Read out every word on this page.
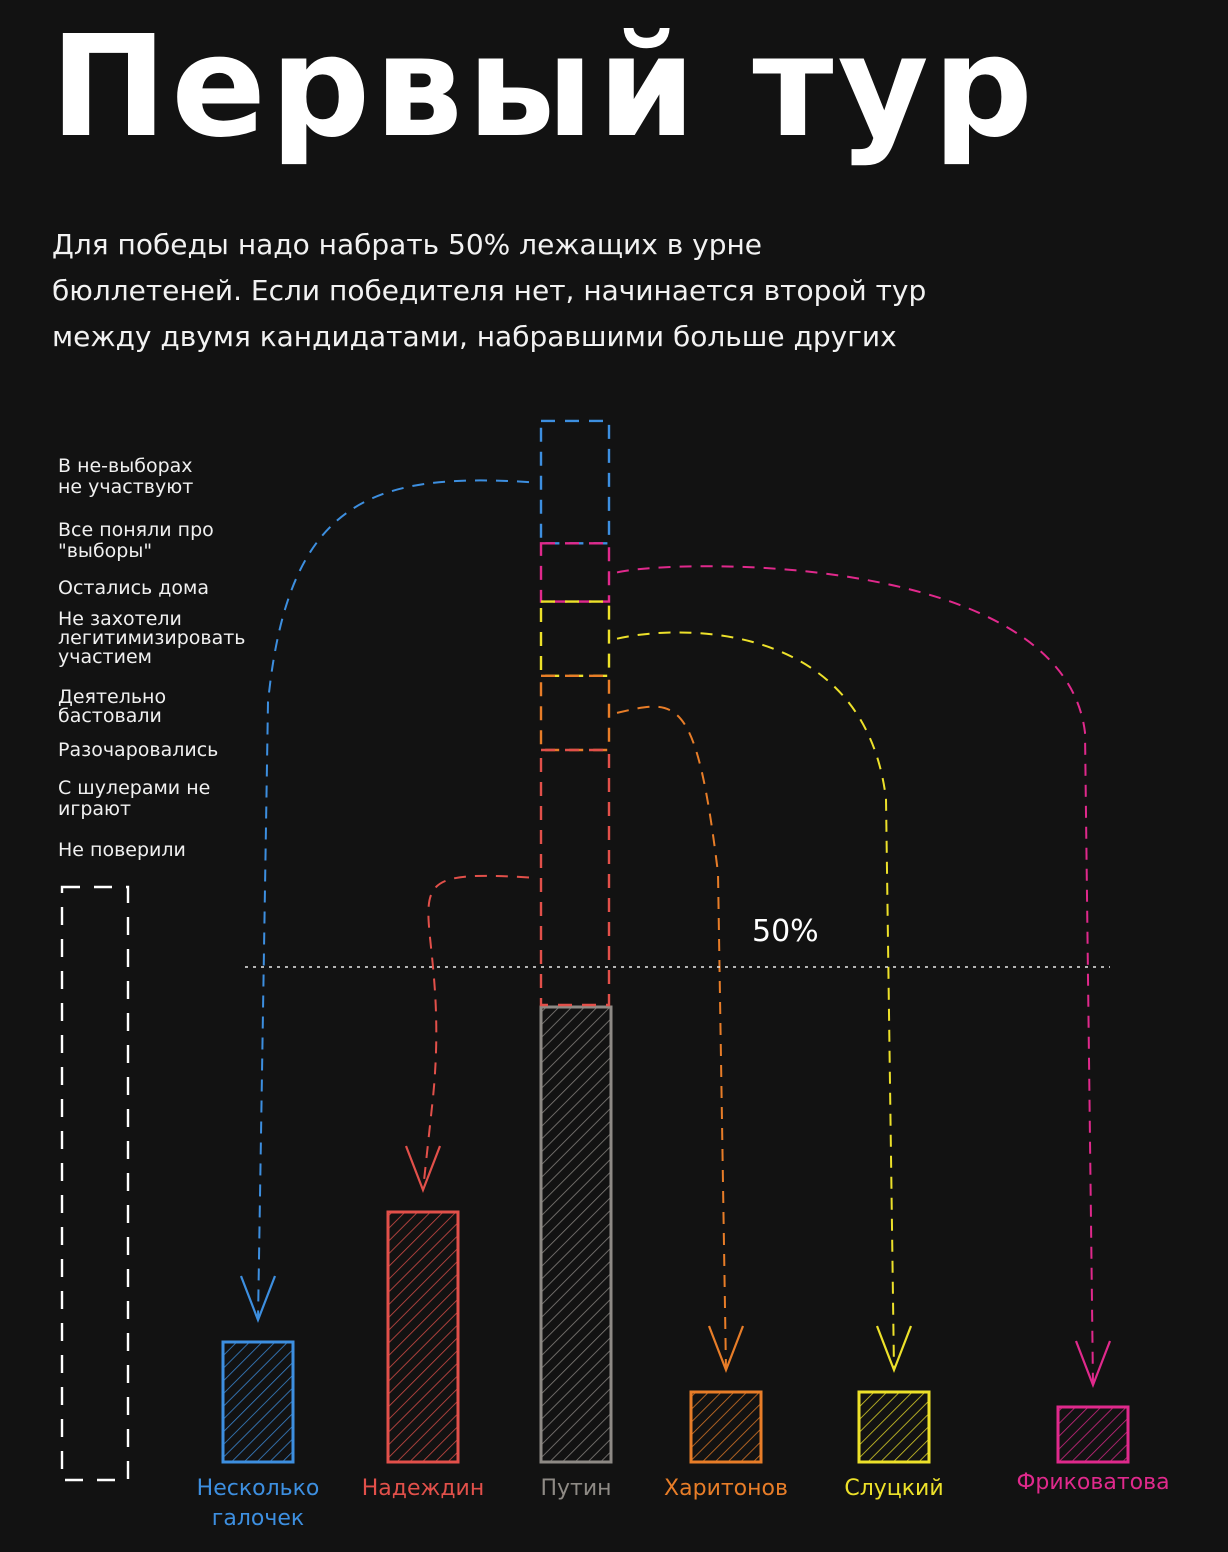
Первый тур
Для победы надо набрать 50% лежащих в урне
бюллетеней. Если победителя нет, начинается второй тур
между двумя кандидатами, набравшими больше других
В не-выборах
не участвуют
Все поняли про
"выборы"
Остались дома
Не захотели
легитимизировать
участием
Деятельно
бастовали
Разочаровались
С шулерами не
играют
Не поверили
50%
Несколько
галочек
Надеждин	Путин Харитонов	Слуцкий	Фриковатова
